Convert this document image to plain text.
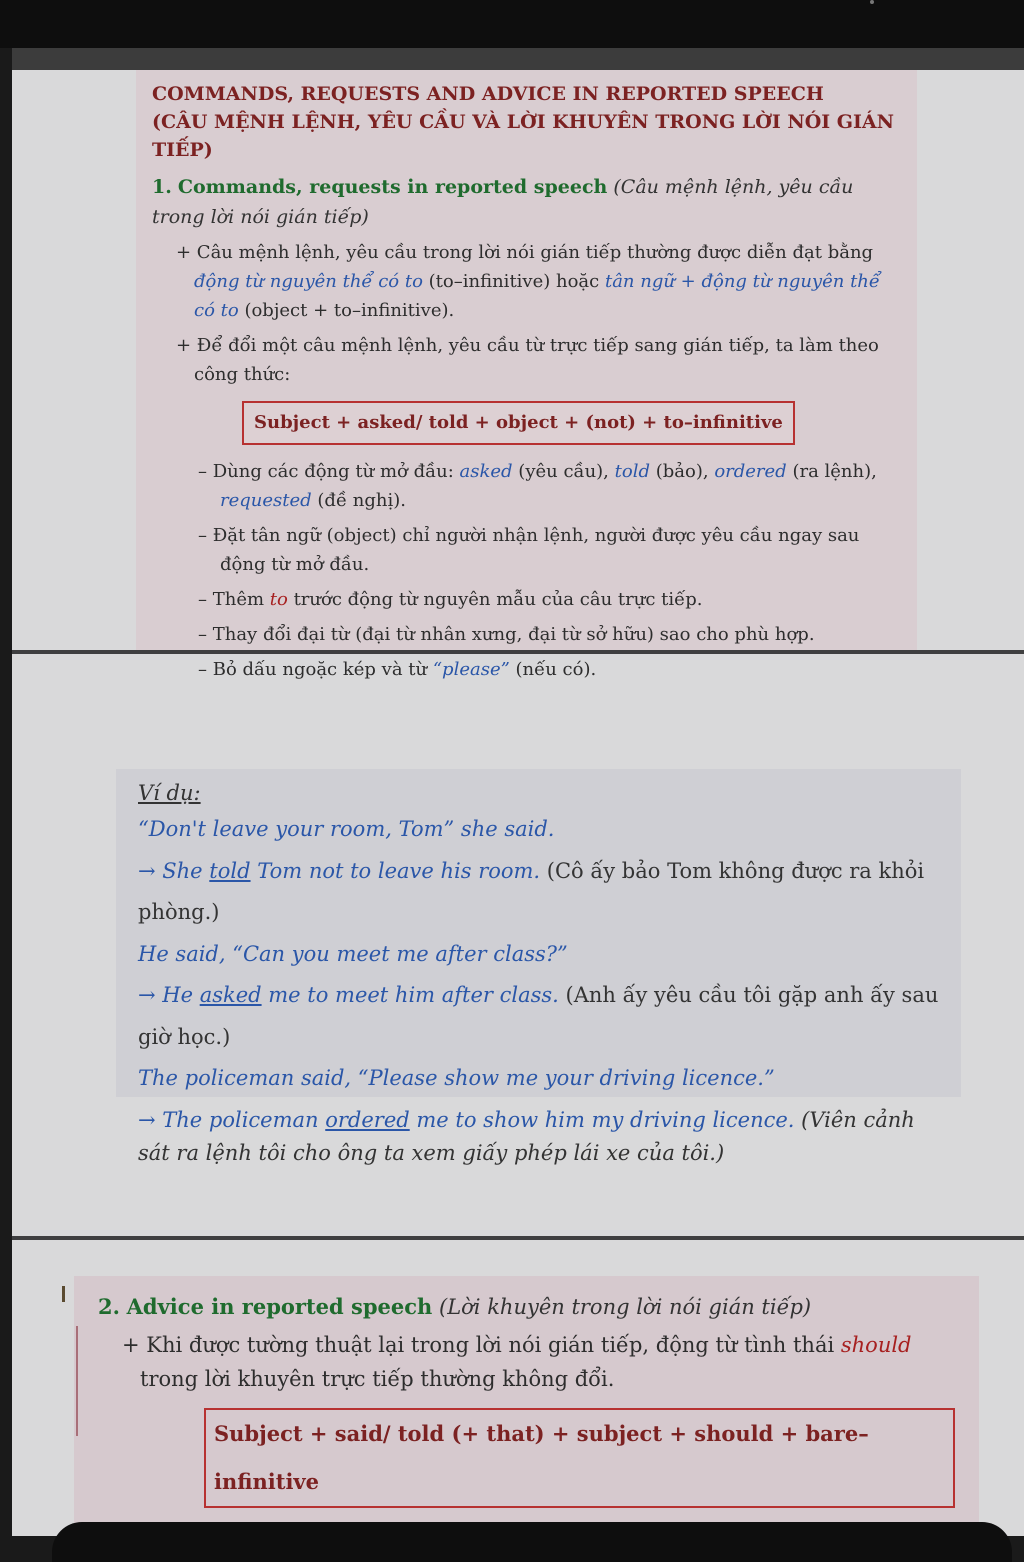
COMMANDS, REQUESTS AND ADVICE IN REPORTED SPEECH
(CÂU MỆNH LỆNH, YÊU CẦU VÀ LỜI KHUYÊN TRONG LỜI NÓI GIÁN TIẾP)
1. Commands, requests in reported speech (Câu mệnh lệnh, yêu cầu trong lời nói gián tiếp)
+ Câu mệnh lệnh, yêu cầu trong lời nói gián tiếp thường được diễn đạt bằng động từ nguyên thể có to (to–infinitive) hoặc tân ngữ + động từ nguyên thể có to (object + to–infinitive).
+ Để đổi một câu mệnh lệnh, yêu cầu từ trực tiếp sang gián tiếp, ta làm theo công thức:
Subject + asked/ told + object + (not) + to–infinitive
– Dùng các động từ mở đầu: asked (yêu cầu), told (bảo), ordered (ra lệnh), requested (đề nghị).
– Đặt tân ngữ (object) chỉ người nhận lệnh, người được yêu cầu ngay sau động từ mở đầu.
– Thêm to trước động từ nguyên mẫu của câu trực tiếp.
– Thay đổi đại từ (đại từ nhân xưng, đại từ sở hữu) sao cho phù hợp.
– Bỏ dấu ngoặc kép và từ “please” (nếu có).
Ví dụ:
“Don't leave your room, Tom” she said.
→ She told Tom not to leave his room. (Cô ấy bảo Tom không được ra khỏi phòng.)
He said, “Can you meet me after class?”
→ He asked me to meet him after class. (Anh ấy yêu cầu tôi gặp anh ấy sau giờ học.)
The policeman said, “Please show me your driving licence.”
→ The policeman ordered me to show him my driving licence. (Viên cảnh sát ra lệnh tôi cho ông ta xem giấy phép lái xe của tôi.)
2. Advice in reported speech (Lời khuyên trong lời nói gián tiếp)
+ Khi được tường thuật lại trong lời nói gián tiếp, động từ tình thái should trong lời khuyên trực tiếp thường không đổi.
Subject + said/ told (+ that) + subject + should + bare–infinitive
